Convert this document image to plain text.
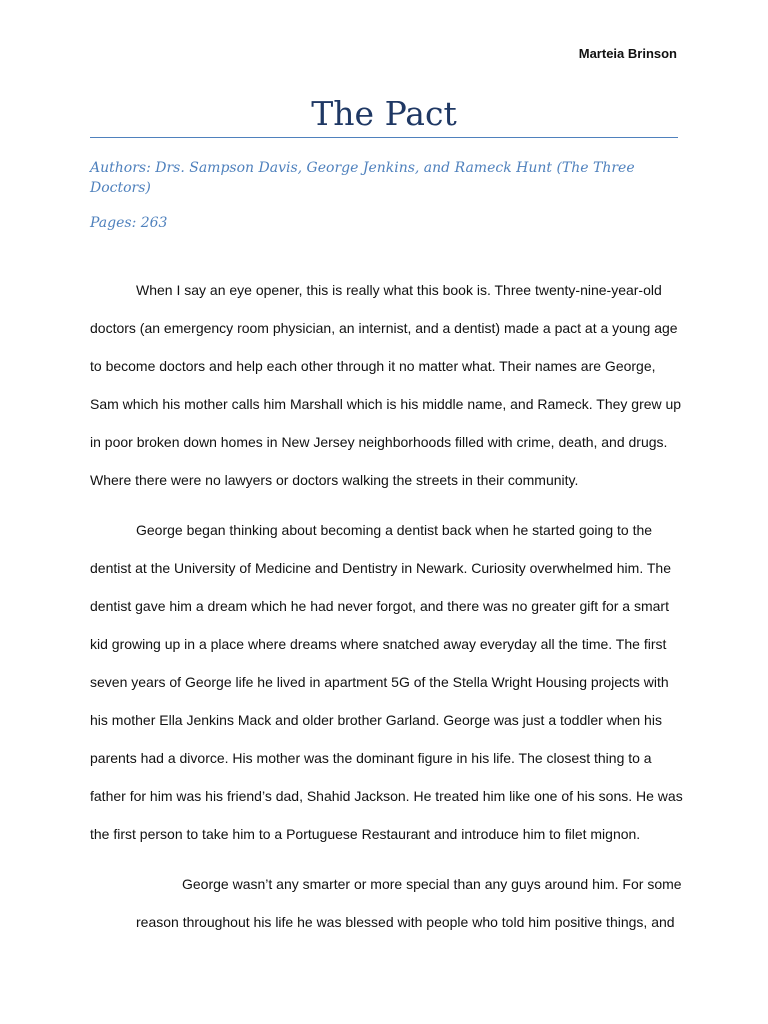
Marteia Brinson
The Pact
Authors: Drs. Sampson Davis, George Jenkins, and Rameck Hunt (The Three
Doctors)
Pages: 263
When I say an eye opener, this is really what this book is. Three twenty-nine-year-old
doctors (an emergency room physician, an internist, and a dentist) made a pact at a young age
to become doctors and help each other through it no matter what. Their names are George,
Sam which his mother calls him Marshall which is his middle name, and Rameck. They grew up
in poor broken down homes in New Jersey neighborhoods filled with crime, death, and drugs.
Where there were no lawyers or doctors walking the streets in their community.
George began thinking about becoming a dentist back when he started going to the
dentist at the University of Medicine and Dentistry in Newark. Curiosity overwhelmed him. The
dentist gave him a dream which he had never forgot, and there was no greater gift for a smart
kid growing up in a place where dreams where snatched away everyday all the time. The first
seven years of George life he lived in apartment 5G of the Stella Wright Housing projects with
his mother Ella Jenkins Mack and older brother Garland. George was just a toddler when his
parents had a divorce. His mother was the dominant figure in his life. The closest thing to a
father for him was his friend’s dad, Shahid Jackson. He treated him like one of his sons. He was
the first person to take him to a Portuguese Restaurant and introduce him to filet mignon.
George wasn’t any smarter or more special than any guys around him. For some
reason throughout his life he was blessed with people who told him positive things, and
